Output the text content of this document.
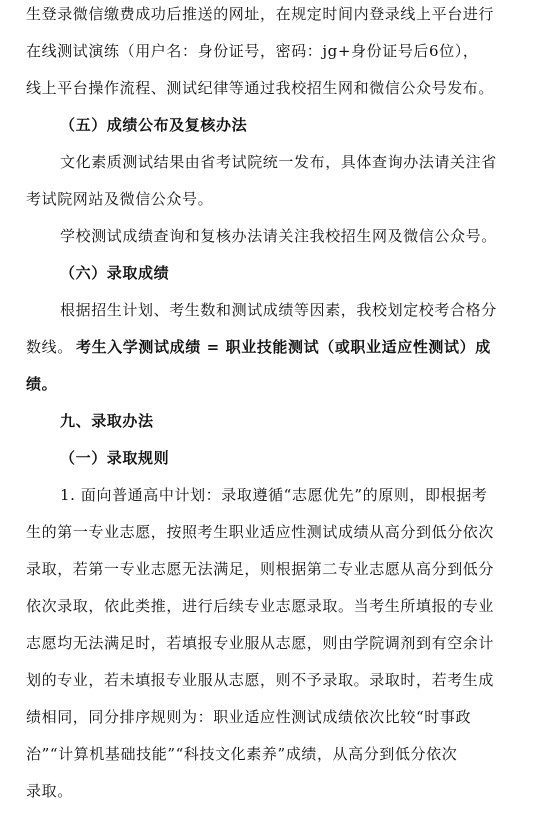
生登录微信缴费成功后推送的网址，在规定时间内登录线上平台进行
在线测试演练（用户名：身份证号，密码：jg+身份证号后6位），
线上平台操作流程、测试纪律等通过我校招生网和微信公众号发布。
（五）成绩公布及复核办法
文化素质测试结果由省考试院统一发布，具体查询办法请关注省
考试院网站及微信公众号。
学校测试成绩查询和复核办法请关注我校招生网及微信公众号。
（六）录取成绩
根据招生计划、考生数和测试成绩等因素，我校划定校考合格分
数线。 考生入学测试成绩 = 职业技能测试（或职业适应性测试）成
绩。
九、录取办法
（一）录取规则
1. 面向普通高中计划：录取遵循“志愿优先”的原则，即根据考
生的第一专业志愿，按照考生职业适应性测试成绩从高分到低分依次
录取，若第一专业志愿无法满足，则根据第二专业志愿从高分到低分
依次录取，依此类推，进行后续专业志愿录取。当考生所填报的专业
志愿均无法满足时，若填报专业服从志愿，则由学院调剂到有空余计
划的专业，若未填报专业服从志愿，则不予录取。录取时，若考生成
绩相同，同分排序规则为：职业适应性测试成绩依次比较“时事政
治”“计算机基础技能”“科技文化素养”成绩，从高分到低分依次
录取。
